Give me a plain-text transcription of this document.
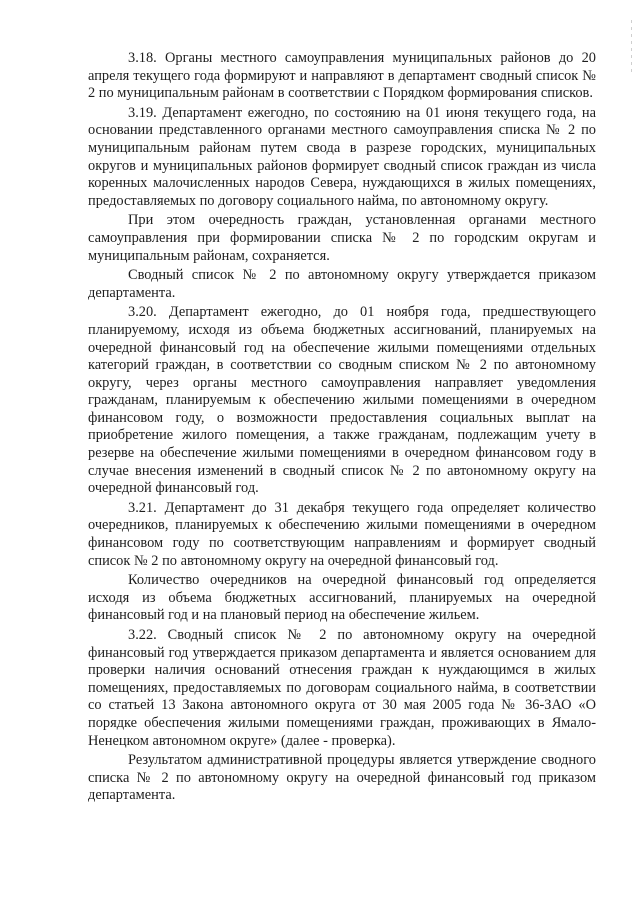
3.18. Органы местного самоуправления муниципальных районов до 20 апреля текущего года формируют и направляют в департамент сводный список № 2 по муниципальным районам в соответствии с Порядком формирования списков.

3.19. Департамент ежегодно, по состоянию на 01 июня текущего года, на основании представленного органами местного самоуправления списка № 2 по муниципальным районам путем свода в разрезе городских, муниципальных округов и муниципальных районов формирует сводный список граждан из числа коренных малочисленных народов Севера, нуждающихся в жилых помещениях, предоставляемых по договору социального найма, по автономному округу.

При этом очередность граждан, установленная органами местного самоуправления при формировании списка № 2 по городским округам и муниципальным районам, сохраняется.

Сводный список № 2 по автономному округу утверждается приказом департамента.

3.20. Департамент ежегодно, до 01 ноября года, предшествующего планируемому, исходя из объема бюджетных ассигнований, планируемых на очередной финансовый год на обеспечение жилыми помещениями отдельных категорий граждан, в соответствии со сводным списком № 2 по автономному округу, через органы местного самоуправления направляет уведомления гражданам, планируемым к обеспечению жилыми помещениями в очередном финансовом году, о возможности предоставления социальных выплат на приобретение жилого помещения, а также гражданам, подлежащим учету в резерве на обеспечение жилыми помещениями в очередном финансовом году в случае внесения изменений в сводный список № 2 по автономному округу на очередной финансовый год.

3.21. Департамент до 31 декабря текущего года определяет количество очередников, планируемых к обеспечению жилыми помещениями в очередном финансовом году по соответствующим направлениям и формирует сводный список № 2 по автономному округу на очередной финансовый год.

Количество очередников на очередной финансовый год определяется исходя из объема бюджетных ассигнований, планируемых на очередной финансовый год и на плановый период на обеспечение жильем.

3.22. Сводный список № 2 по автономному округу на очередной финансовый год утверждается приказом департамента и является основанием для проверки наличия оснований отнесения граждан к нуждающимся в жилых помещениях, предоставляемых по договорам социального найма, в соответствии со статьей 13 Закона автономного округа от 30 мая 2005 года № 36-ЗАО «О порядке обеспечения жилыми помещениями граждан, проживающих в Ямало-Ненецком автономном округе» (далее - проверка).

Результатом административной процедуры является утверждение сводного списка № 2 по автономному округу на очередной финансовый год приказом департамента.
